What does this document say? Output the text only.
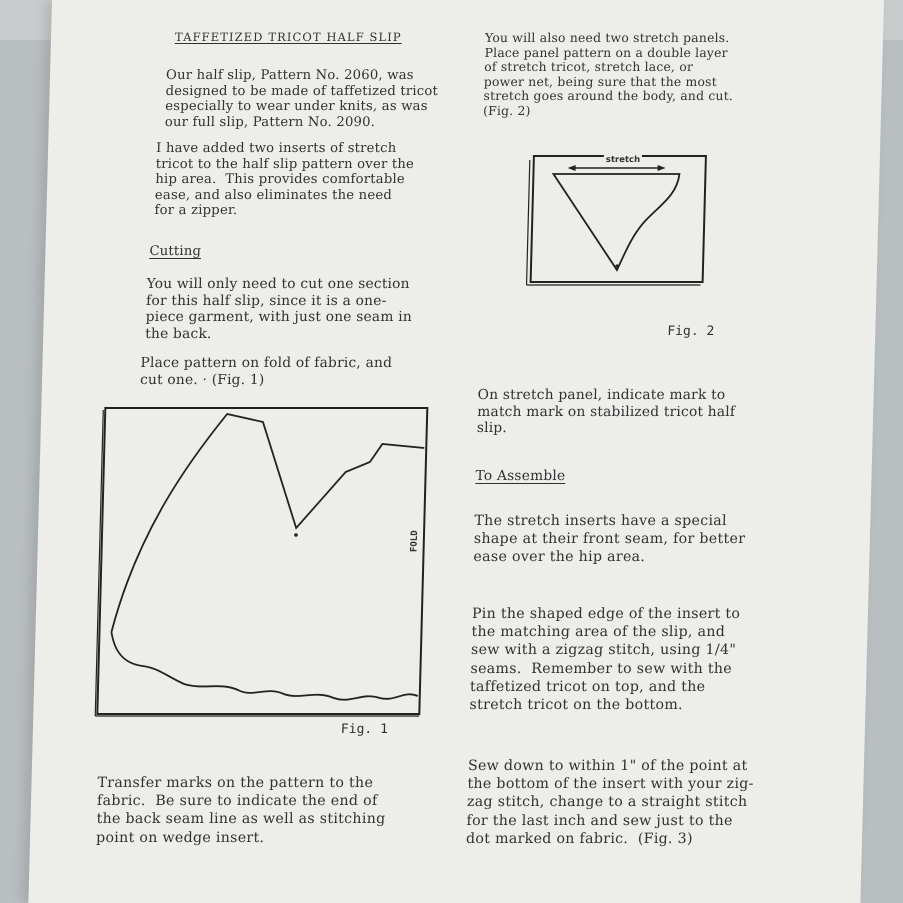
TAFFETIZED TRICOT HALF SLIP

Our half slip, Pattern No. 2060, was
designed to be made of taffetized tricot
especially to wear under knits, as was
our full slip, Pattern No. 2090.

I have added two inserts of stretch
tricot to the half slip pattern over the
hip area.  This provides comfortable
ease, and also eliminates the need
for a zipper.

Cutting

You will only need to cut one section
for this half slip, since it is a one-
piece garment, with just one seam in
the back.

Place pattern on fold of fabric, and
cut one. · (Fig. 1)

FOLD
Fig. 1

Transfer marks on the pattern to the
fabric.  Be sure to indicate the end of
the back seam line as well as stitching
point on wedge insert.

You will also need two stretch panels.
Place panel pattern on a double layer
of stretch tricot, stretch lace, or
power net, being sure that the most
stretch goes around the body, and cut.
(Fig. 2)

stretch
Fig. 2

On stretch panel, indicate mark to
match mark on stabilized tricot half
slip.

To Assemble

The stretch inserts have a special
shape at their front seam, for better
ease over the hip area.

Pin the shaped edge of the insert to
the matching area of the slip, and
sew with a zigzag stitch, using 1/4"
seams.  Remember to sew with the
taffetized tricot on top, and the
stretch tricot on the bottom.

Sew down to within 1" of the point at
the bottom of the insert with your zig-
zag stitch, change to a straight stitch
for the last inch and sew just to the
dot marked on fabric.  (Fig. 3)
